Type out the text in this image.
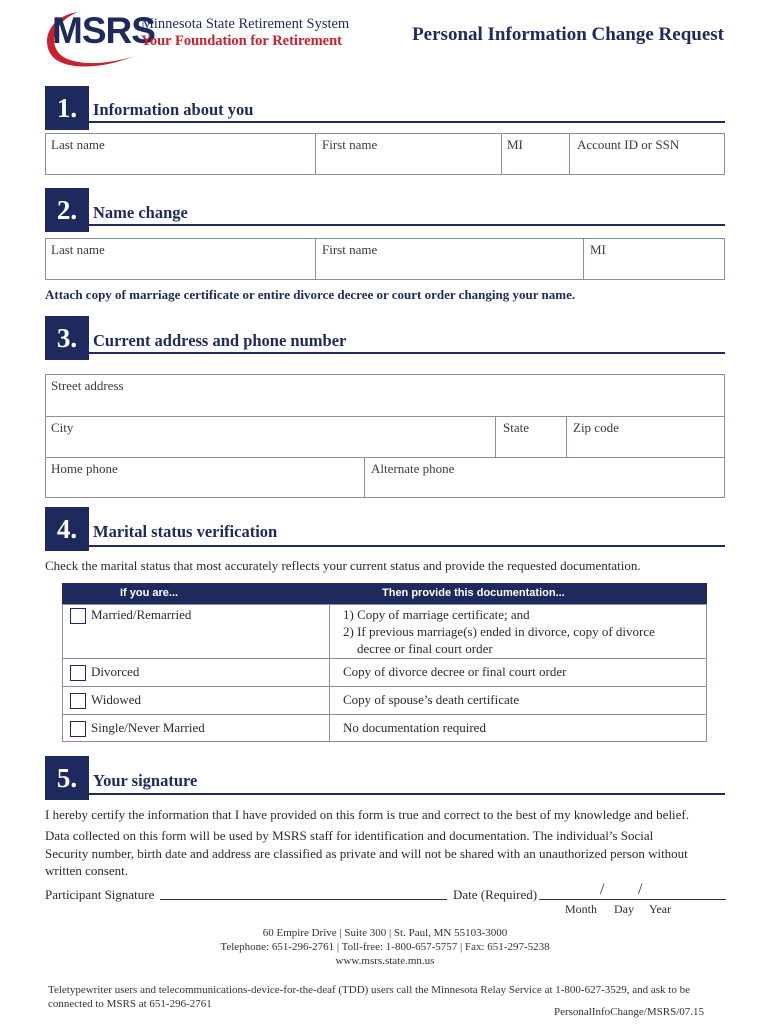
MSRS
Minnesota State Retirement System
Your Foundation for Retirement	Personal Information Change Request
1. Information about you
Last name	First name	MI	Account ID or SSN
2. Name change
Last name	First name	MI
Attach copy of marriage certificate or entire divorce decree or court order changing your name.
3. Current address and phone number
Street address
City	State	Zip code
Home phone	Alternate phone
4. Marital status verification
Check the marital status that most accurately reflects your current status and provide the requested documentation.
If you are...	Then provide this documentation...
Married/Remarried	1) Copy of marriage certificate; and
2) If previous marriage(s) ended in divorce, copy of divorce
decree or final court order
Divorced	Copy of divorce decree or final court order
Widowed	Copy of spouse’s death certificate
Single/Never Married	No documentation required
5. Your signature
I hereby certify the information that I have provided on this form is true and correct to the best of my knowledge and belief.
Data collected on this form will be used by MSRS staff for identification and documentation. The individual’s Social
Security number, birth date and address are classified as private and will not be shared with an unauthorized person without
written consent.
Participant Signature	Date (Required)	/ /
Month Day Year
60 Empire Drive | Suite 300 | St. Paul, MN 55103-3000
Telephone: 651-296-2761 | Toll-free: 1-800-657-5757 | Fax: 651-297-5238
www.msrs.state.mn.us
Teletypewriter users and telecommunications-device-for-the-deaf (TDD) users call the Minnesota Relay Service at 1-800-627-3529, and ask to be
connected to MSRS at 651-296-2761
PersonalInfoChange/MSRS/07.15
